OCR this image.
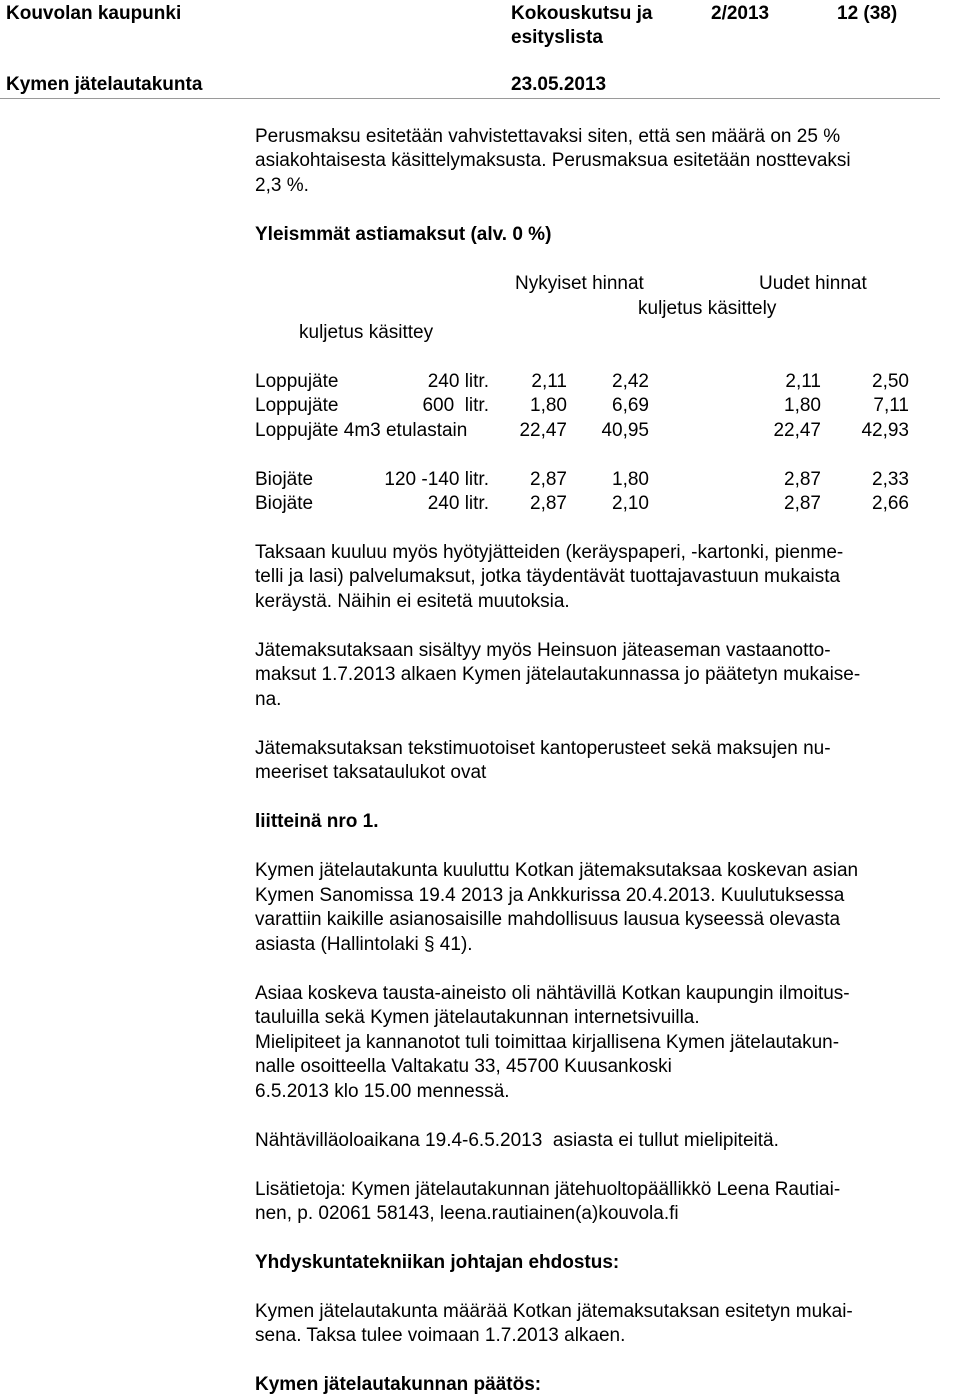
Kouvolan kaupunki	Kokouskutsu ja
esityslista
2/2013	12 (38)
Kymen jätelautakunta	23.05.2013
Perusmaksu esitetään vahvistettavaksi siten, että sen määrä on 25 %
asiakohtaisesta käsittelymaksusta. Perusmaksua esitetään nosttevaksi
2,3 %.
Yleismmät astiamaksut (alv. 0 %)
Nykyiset hinnat	Uudet hinnat
kuljetus käsittely
kuljetus käsittey
Loppujäte	240 litr. 2,11 2,42	2,11	2,50
Loppujäte	600  litr. 1,80 6,69	1,80	7,11
Loppujäte 4m3 etulastain	22,47 40,95	22,47 42,93
Biojäte	120 -140 litr. 2,87 1,80	2,87	2,33
Biojäte	240 litr. 2,87 2,10	2,87	2,66
Taksaan kuuluu myös hyötyjätteiden (keräyspaperi, -kartonki, pienme-
telli ja lasi) palvelumaksut, jotka täydentävät tuottajavastuun mukaista
keräystä. Näihin ei esitetä muutoksia.
Jätemaksutaksaan sisältyy myös Heinsuon jäteaseman vastaanotto-
maksut 1.7.2013 alkaen Kymen jätelautakunnassa jo päätetyn mukaise-
na.
Jätemaksutaksan tekstimuotoiset kantoperusteet sekä maksujen nu-
meeriset taksataulukot ovat
liitteinä nro 1.
Kymen jätelautakunta kuuluttu Kotkan jätemaksutaksaa koskevan asian
Kymen Sanomissa 19.4 2013 ja Ankkurissa 20.4.2013. Kuulutuksessa
varattiin kaikille asianosaisille mahdollisuus lausua kyseessä olevasta
asiasta (Hallintolaki § 41).
Asiaa koskeva tausta-aineisto oli nähtävillä Kotkan kaupungin ilmoitus-
tauluilla sekä Kymen jätelautakunnan internetsivuilla.
Mielipiteet ja kannanotot tuli toimittaa kirjallisena Kymen jätelautakun-
nalle osoitteella Valtakatu 33, 45700 Kuusankoski
6.5.2013 klo 15.00 mennessä.
Nähtävilläoloaikana 19.4-6.5.2013  asiasta ei tullut mielipiteitä.
Lisätietoja: Kymen jätelautakunnan jätehuoltopäällikkö Leena Rautiai-
nen, p. 02061 58143, leena.rautiainen(a)kouvola.fi
Yhdyskuntatekniikan johtajan ehdostus:
Kymen jätelautakunta määrää Kotkan jätemaksutaksan esitetyn mukai-
sena. Taksa tulee voimaan 1.7.2013 alkaen.
Kymen jätelautakunnan päätös:
